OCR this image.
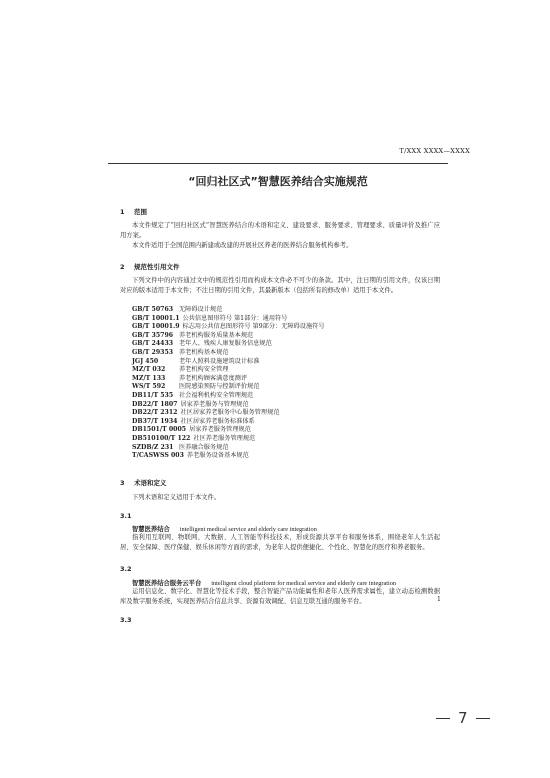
T/XXX XXXX—XXXX
“回归社区式”智慧医养结合实施规范
1 范围

本文件规定了“回归社区式”智慧医养结合的术语和定义、建设要求、服务要求、管理要求、质量评价及推广应用方案。

本文件适用于全国范围内新建或改建的开展社区养老的医养结合服务机构参考。

2 规范性引用文件

下列文件中的内容通过文中的规范性引用而构成本文件必不可少的条款。其中，注日期的引用文件，仅该日期对应的版本适用于本文件；不注日期的引用文件，其最新版本（包括所有的修改单）适用于本文件。

GB/T 50763 无障碍设计规范
GB/T 10001.1 公共信息图形符号 第1部分：通用符号
GB/T 10001.9 标志用公共信息图形符号 第9部分：无障碍设施符号
GB/T 35796 养老机构服务质量基本规范
GB/T 24433 老年人、残疾人康复服务信息规范
GB/T 29353 养老机构基本规范
JGJ 450	老年人照料设施建筑设计标准
MZ/T 032 养老机构安全管理
MZ/T 133 养老机构顾客满意度测评
WS/T 592 医院感染预防与控制评价规范
DB11/T 535 社会福利机构安全管理规范
DB22/T 1807 居家养老服务与管理规范
DB22/T 2312 社区居家养老服务中心服务管理规范
DB37/T 1934 社区居家养老服务标准体系
DB1501/T 0005 居家养老服务管理规范
DB510100/T 122 社区养老服务管理规范
SZDB/Z 231 医养融合服务规范
T/CASWSS 003 养老服务设备基本规范
3 术语和定义

下列术语和定义适用于本文件。

3.1
智慧医养结合 intelligent medical service and elderly care integration

指利用互联网、物联网、大数据、人工智能等科技技术，形成资源共享平台和服务体系，围绕老年人生活起居、安全保障、医疗保健、娱乐休闲等方面的需求，为老年人提供便捷化、个性化、智慧化的医疗和养老服务。

3.2
智慧医养结合服务云平台 intelligent cloud platform for medical service and elderly care integration

运用信息化、数字化、智慧化等技术手段，整合智能产品功能属性和老年人医养需求属性，建立动态检测数据库及数字服务系统，实现医养结合信息共享、资源有效调配、信息互联互通的服务平台。

3.3
1
7
